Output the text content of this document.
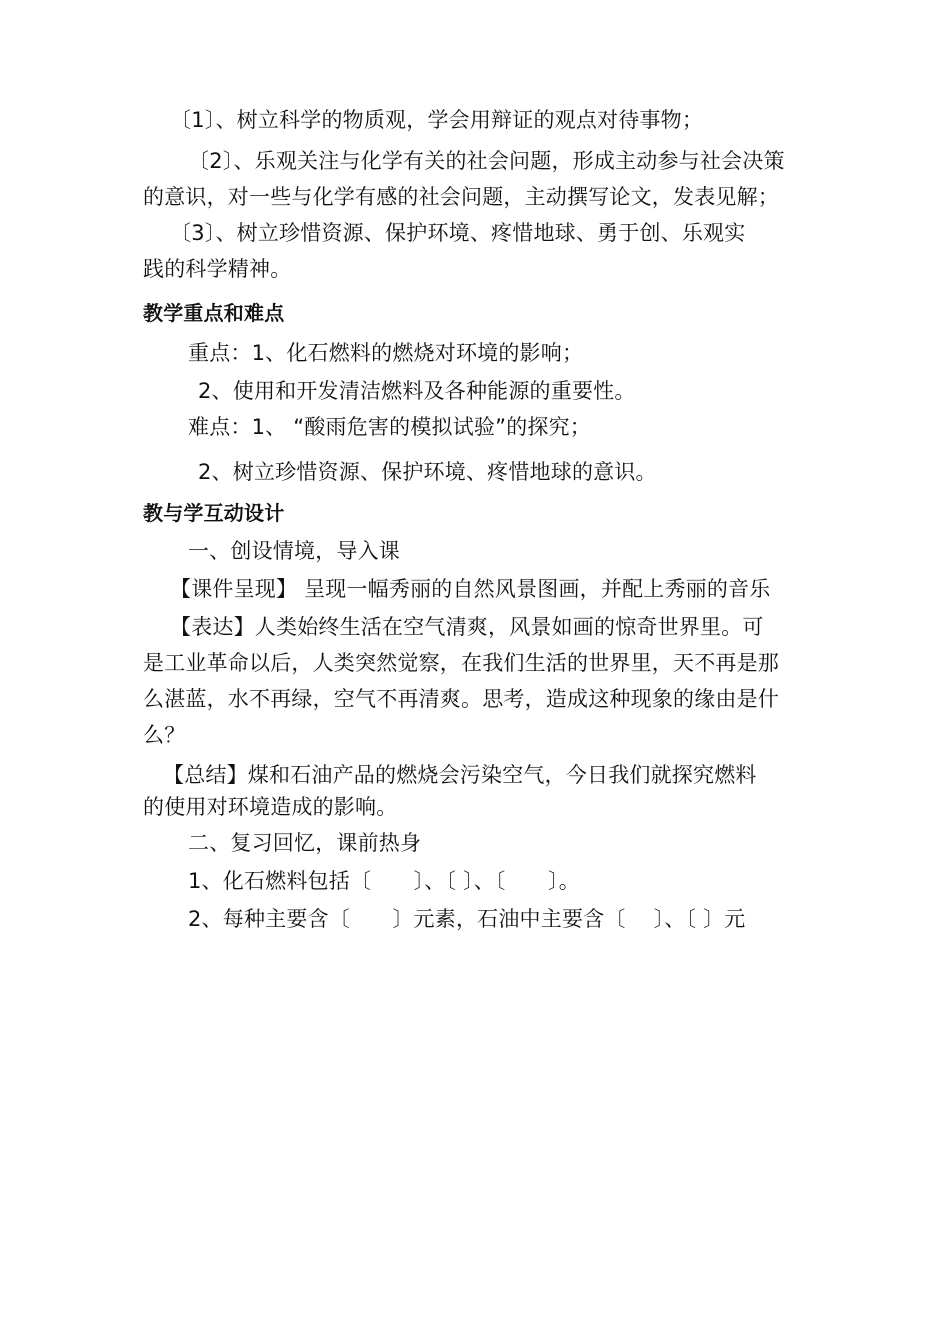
〔1〕、树立科学的物质观，学会用辩证的观点对待事物；
〔2〕、乐观关注与化学有关的社会问题，形成主动参与社会决策
的意识，对一些与化学有感的社会问题，主动撰写论文，发表见解；
〔3〕、树立珍惜资源、保护环境、疼惜地球、勇于创、乐观实
践的科学精神。
教学重点和难点
重点：1、化石燃料的燃烧对环境的影响；
2、使用和开发清洁燃料及各种能源的重要性。
难点：1、 “酸雨危害的模拟试验”的探究；
2、树立珍惜资源、保护环境、疼惜地球的意识。
教与学互动设计
一、创设情境，导入课
【课件呈现】 呈现一幅秀丽的自然风景图画，并配上秀丽的音乐
【表达】人类始终生活在空气清爽，风景如画的惊奇世界里。可
是工业革命以后，人类突然觉察，在我们生活的世界里，天不再是那
么湛蓝，水不再绿，空气不再清爽。思考，造成这种现象的缘由是什
么？
【总结】煤和石油产品的燃烧会污染空气，今日我们就探究燃料
的使用对环境造成的影响。
二、复习回忆，课前热身
1、化石燃料包括〔　　〕、〔 〕、〔　　〕。
2、每种主要含〔　　〕元素，石油中主要含〔　 〕、〔 〕元
